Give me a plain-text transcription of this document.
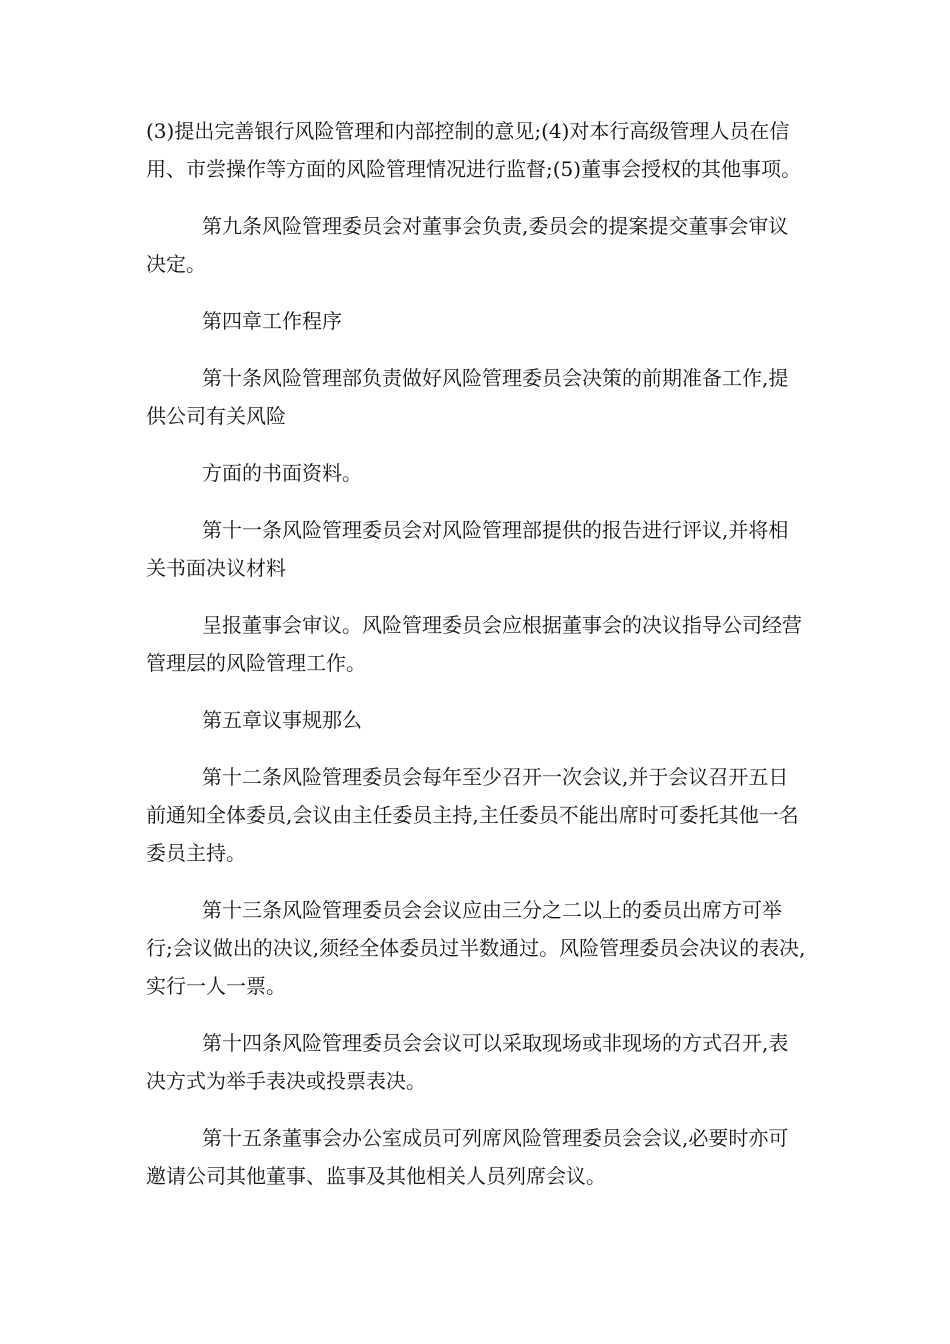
(3)提出完善银行风险管理和内部控制的意见;(4)对本行高级管理人员在信用、市尝操作等方面的风险管理情况进行监督;(5)董事会授权的其他事项。

第九条风险管理委员会对董事会负责,委员会的提案提交董事会审议决定。

第四章工作程序

第十条风险管理部负责做好风险管理委员会决策的前期准备工作,提供公司有关风险

方面的书面资料。

第十一条风险管理委员会对风险管理部提供的报告进行评议,并将相关书面决议材料

呈报董事会审议。风险管理委员会应根据董事会的决议指导公司经营管理层的风险管理工作。

第五章议事规那么

第十二条风险管理委员会每年至少召开一次会议,并于会议召开五日前通知全体委员,会议由主任委员主持,主任委员不能出席时可委托其他一名委员主持。

第十三条风险管理委员会会议应由三分之二以上的委员出席方可举行;会议做出的决议,须经全体委员过半数通过。风险管理委员会决议的表决,实行一人一票。

第十四条风险管理委员会会议可以采取现场或非现场的方式召开,表决方式为举手表决或投票表决。

第十五条董事会办公室成员可列席风险管理委员会会议,必要时亦可邀请公司其他董事、监事及其他相关人员列席会议。
